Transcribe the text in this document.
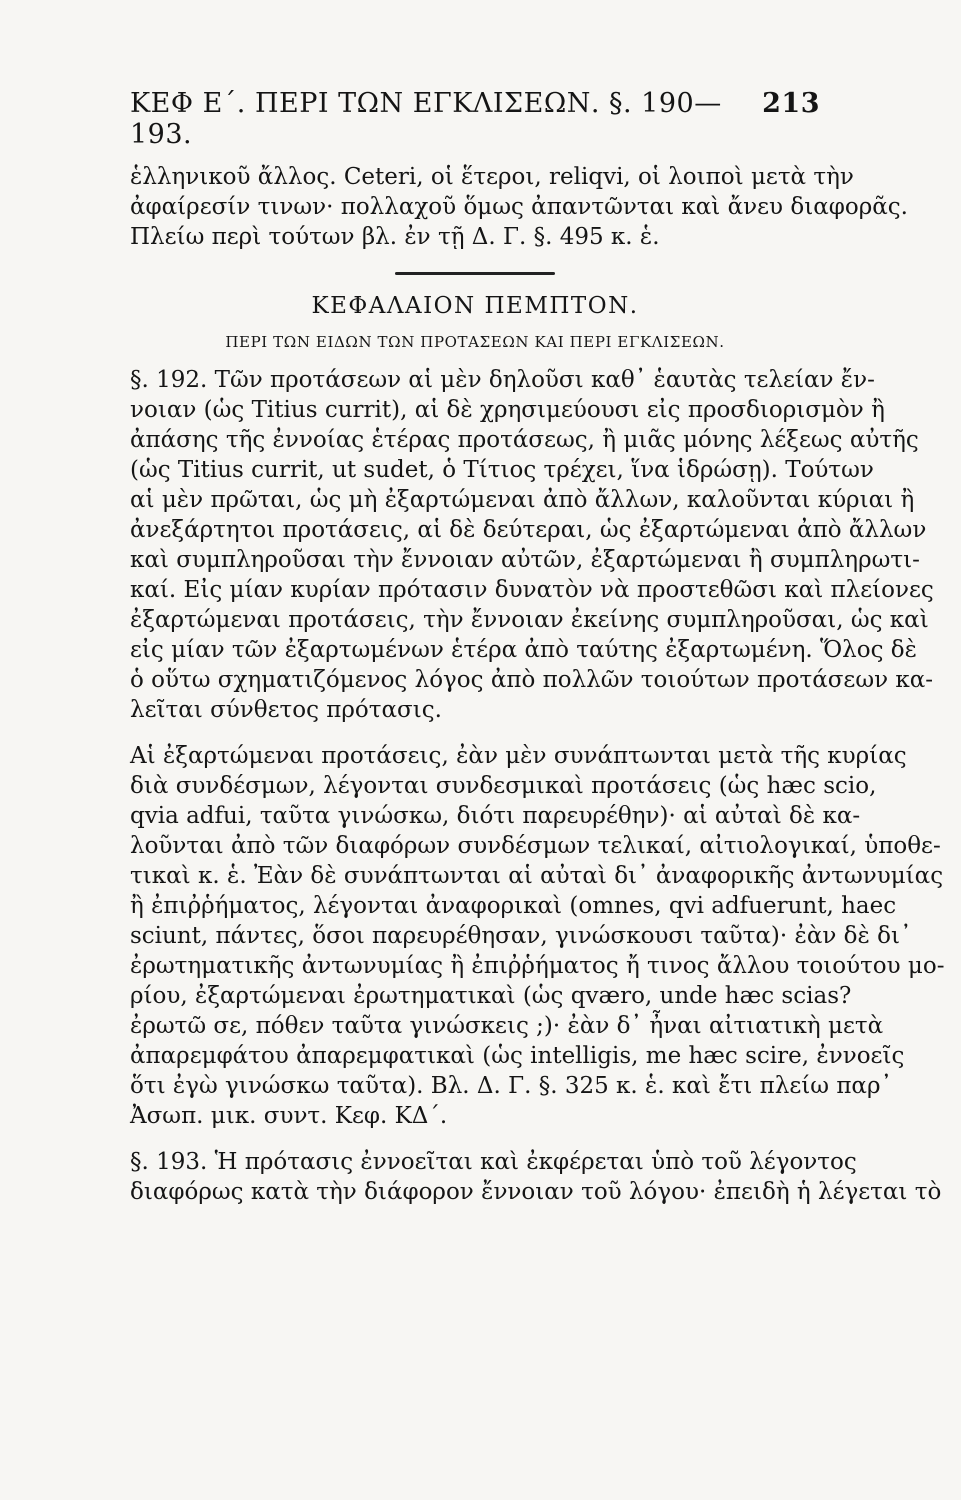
ΚΕΦ Ε΄. ΠΕΡΙ ΤΩΝ ΕΓΚΛΙΣΕΩΝ. §. 190—193.
213

ἑλληνικοῦ ἄλλος. Ceteri, οἱ ἕτεροι, reliqvi, οἱ λοιποὶ μετὰ τὴν

ἀφαίρεσίν τινων· πολλαχοῦ ὅμως ἀπαντῶνται καὶ ἄνευ διαφορᾶς.

Πλείω περὶ τούτων βλ. ἐν τῇ Δ. Γ. §. 495 κ. ἑ.

ΚΕΦΑΛΑΙΟΝ ΠΕΜΠΤΟΝ.
ΠΕΡΙ ΤΩΝ ΕΙΔΩΝ ΤΩΝ ΠΡΟΤΑΣΕΩΝ ΚΑΙ ΠΕΡΙ ΕΓΚΛΙΣΕΩΝ.

§. 192. Τῶν προτάσεων αἱ μὲν δηλοῦσι καθ᾿ ἑαυτὰς τελείαν ἔν-

νοιαν (ὡς Titius currit), αἱ δὲ χρησιμεύουσι εἰς προσδιορισμὸν ἢ

ἀπάσης τῆς ἐννοίας ἑτέρας προτάσεως, ἢ μιᾶς μόνης λέξεως αὐτῆς

(ὡς Titius currit, ut sudet, ὁ Τίτιος τρέχει, ἵνα ἱδρώσῃ). Τούτων

αἱ μὲν πρῶται, ὡς μὴ ἐξαρτώμεναι ἀπὸ ἄλλων, καλοῦνται κύριαι ἢ

ἀνεξάρτητοι προτάσεις, αἱ δὲ δεύτεραι, ὡς ἐξαρτώμεναι ἀπὸ ἄλλων

καὶ συμπληροῦσαι τὴν ἔννοιαν αὐτῶν, ἐξαρτώμεναι ἢ συμπληρωτι-

καί. Εἰς μίαν κυρίαν πρότασιν δυνατὸν νὰ προστεθῶσι καὶ πλείονες

ἐξαρτώμεναι προτάσεις, τὴν ἔννοιαν ἐκείνης συμπληροῦσαι, ὡς καὶ

εἰς μίαν τῶν ἐξαρτωμένων ἑτέρα ἀπὸ ταύτης ἐξαρτωμένη. Ὅλος δὲ

ὁ οὕτω σχηματιζόμενος λόγος ἀπὸ πολλῶν τοιούτων προτάσεων κα-

λεῖται σύνθετος πρότασις.

Αἱ ἐξαρτώμεναι προτάσεις, ἐὰν μὲν συνάπτωνται μετὰ τῆς κυρίας

διὰ συνδέσμων, λέγονται συνδεσμικαὶ προτάσεις (ὡς hæc scio,

qvia adfui, ταῦτα γινώσκω, διότι παρευρέθην)· αἱ αὐταὶ δὲ κα-

λοῦνται ἀπὸ τῶν διαφόρων συνδέσμων τελικαί, αἰτιολογικαί, ὑποθε-

τικαὶ κ. ἑ. Ἐὰν δὲ συνάπτωνται αἱ αὐταὶ δι᾿ ἀναφορικῆς ἀντωνυμίας

ἢ ἐπιῤῥήματος, λέγονται ἀναφορικαὶ (omnes, qvi adfuerunt, haec

sciunt, πάντες, ὅσοι παρευρέθησαν, γινώσκουσι ταῦτα)· ἐὰν δὲ δι᾿

ἐρωτηματικῆς ἀντωνυμίας ἢ ἐπιῤῥήματος ἤ τινος ἄλλου τοιούτου μο-

ρίου, ἐξαρτώμεναι ἐρωτηματικαὶ (ὡς qværo, unde hæc scias?

ἐρωτῶ σε, πόθεν ταῦτα γινώσκεις ;)· ἐὰν δ᾿ ἦναι αἰτιατικὴ μετὰ

ἀπαρεμφάτου ἀπαρεμφατικαὶ (ὡς intelligis, me hæc scire, ἐννοεῖς

ὅτι ἐγὼ γινώσκω ταῦτα). Βλ. Δ. Γ. §. 325 κ. ἑ. καὶ ἔτι πλείω παρ᾿

Ἀσωπ. μικ. συντ. Κεφ. ΚΔ΄.

§. 193. Ἡ πρότασις ἐννοεῖται καὶ ἐκφέρεται ὑπὸ τοῦ λέγοντος

διαφόρως κατὰ τὴν διάφορον ἔννοιαν τοῦ λόγου· ἐπειδὴ ἡ λέγεται τὸ
